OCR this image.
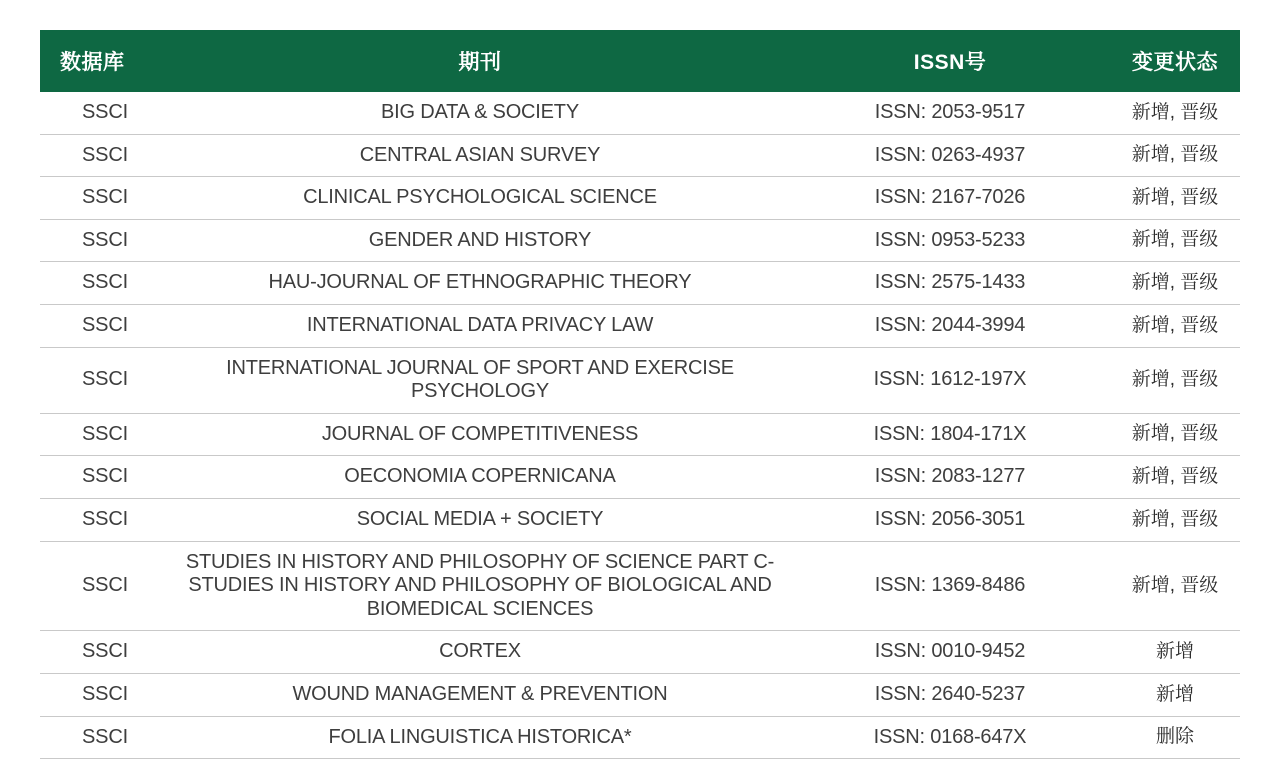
数据库	期刊	ISSN号	变更状态
SSCI	BIG DATA & SOCIETY	ISSN: 2053-9517	新增, 晋级
SSCI	CENTRAL ASIAN SURVEY	ISSN: 0263-4937	新增, 晋级
SSCI	CLINICAL PSYCHOLOGICAL SCIENCE	ISSN: 2167-7026	新增, 晋级
SSCI	GENDER AND HISTORY	ISSN: 0953-5233	新增, 晋级
SSCI	HAU-JOURNAL OF ETHNOGRAPHIC THEORY	ISSN: 2575-1433	新增, 晋级
SSCI	INTERNATIONAL DATA PRIVACY LAW	ISSN: 2044-3994	新增, 晋级
SSCI	INTERNATIONAL JOURNAL OF SPORT AND EXERCISE PSYCHOLOGY	ISSN: 1612-197X	新增, 晋级
SSCI	JOURNAL OF COMPETITIVENESS	ISSN: 1804-171X	新增, 晋级
SSCI	OECONOMIA COPERNICANA	ISSN: 2083-1277	新增, 晋级
SSCI	SOCIAL MEDIA + SOCIETY	ISSN: 2056-3051	新增, 晋级
SSCI	STUDIES IN HISTORY AND PHILOSOPHY OF SCIENCE PART C-STUDIES IN HISTORY AND PHILOSOPHY OF BIOLOGICAL AND BIOMEDICAL SCIENCES	ISSN: 1369-8486	新增, 晋级
SSCI	CORTEX	ISSN: 0010-9452	新增
SSCI	WOUND MANAGEMENT & PREVENTION	ISSN: 2640-5237	新增
SSCI	FOLIA LINGUISTICA HISTORICA*	ISSN: 0168-647X	删除
